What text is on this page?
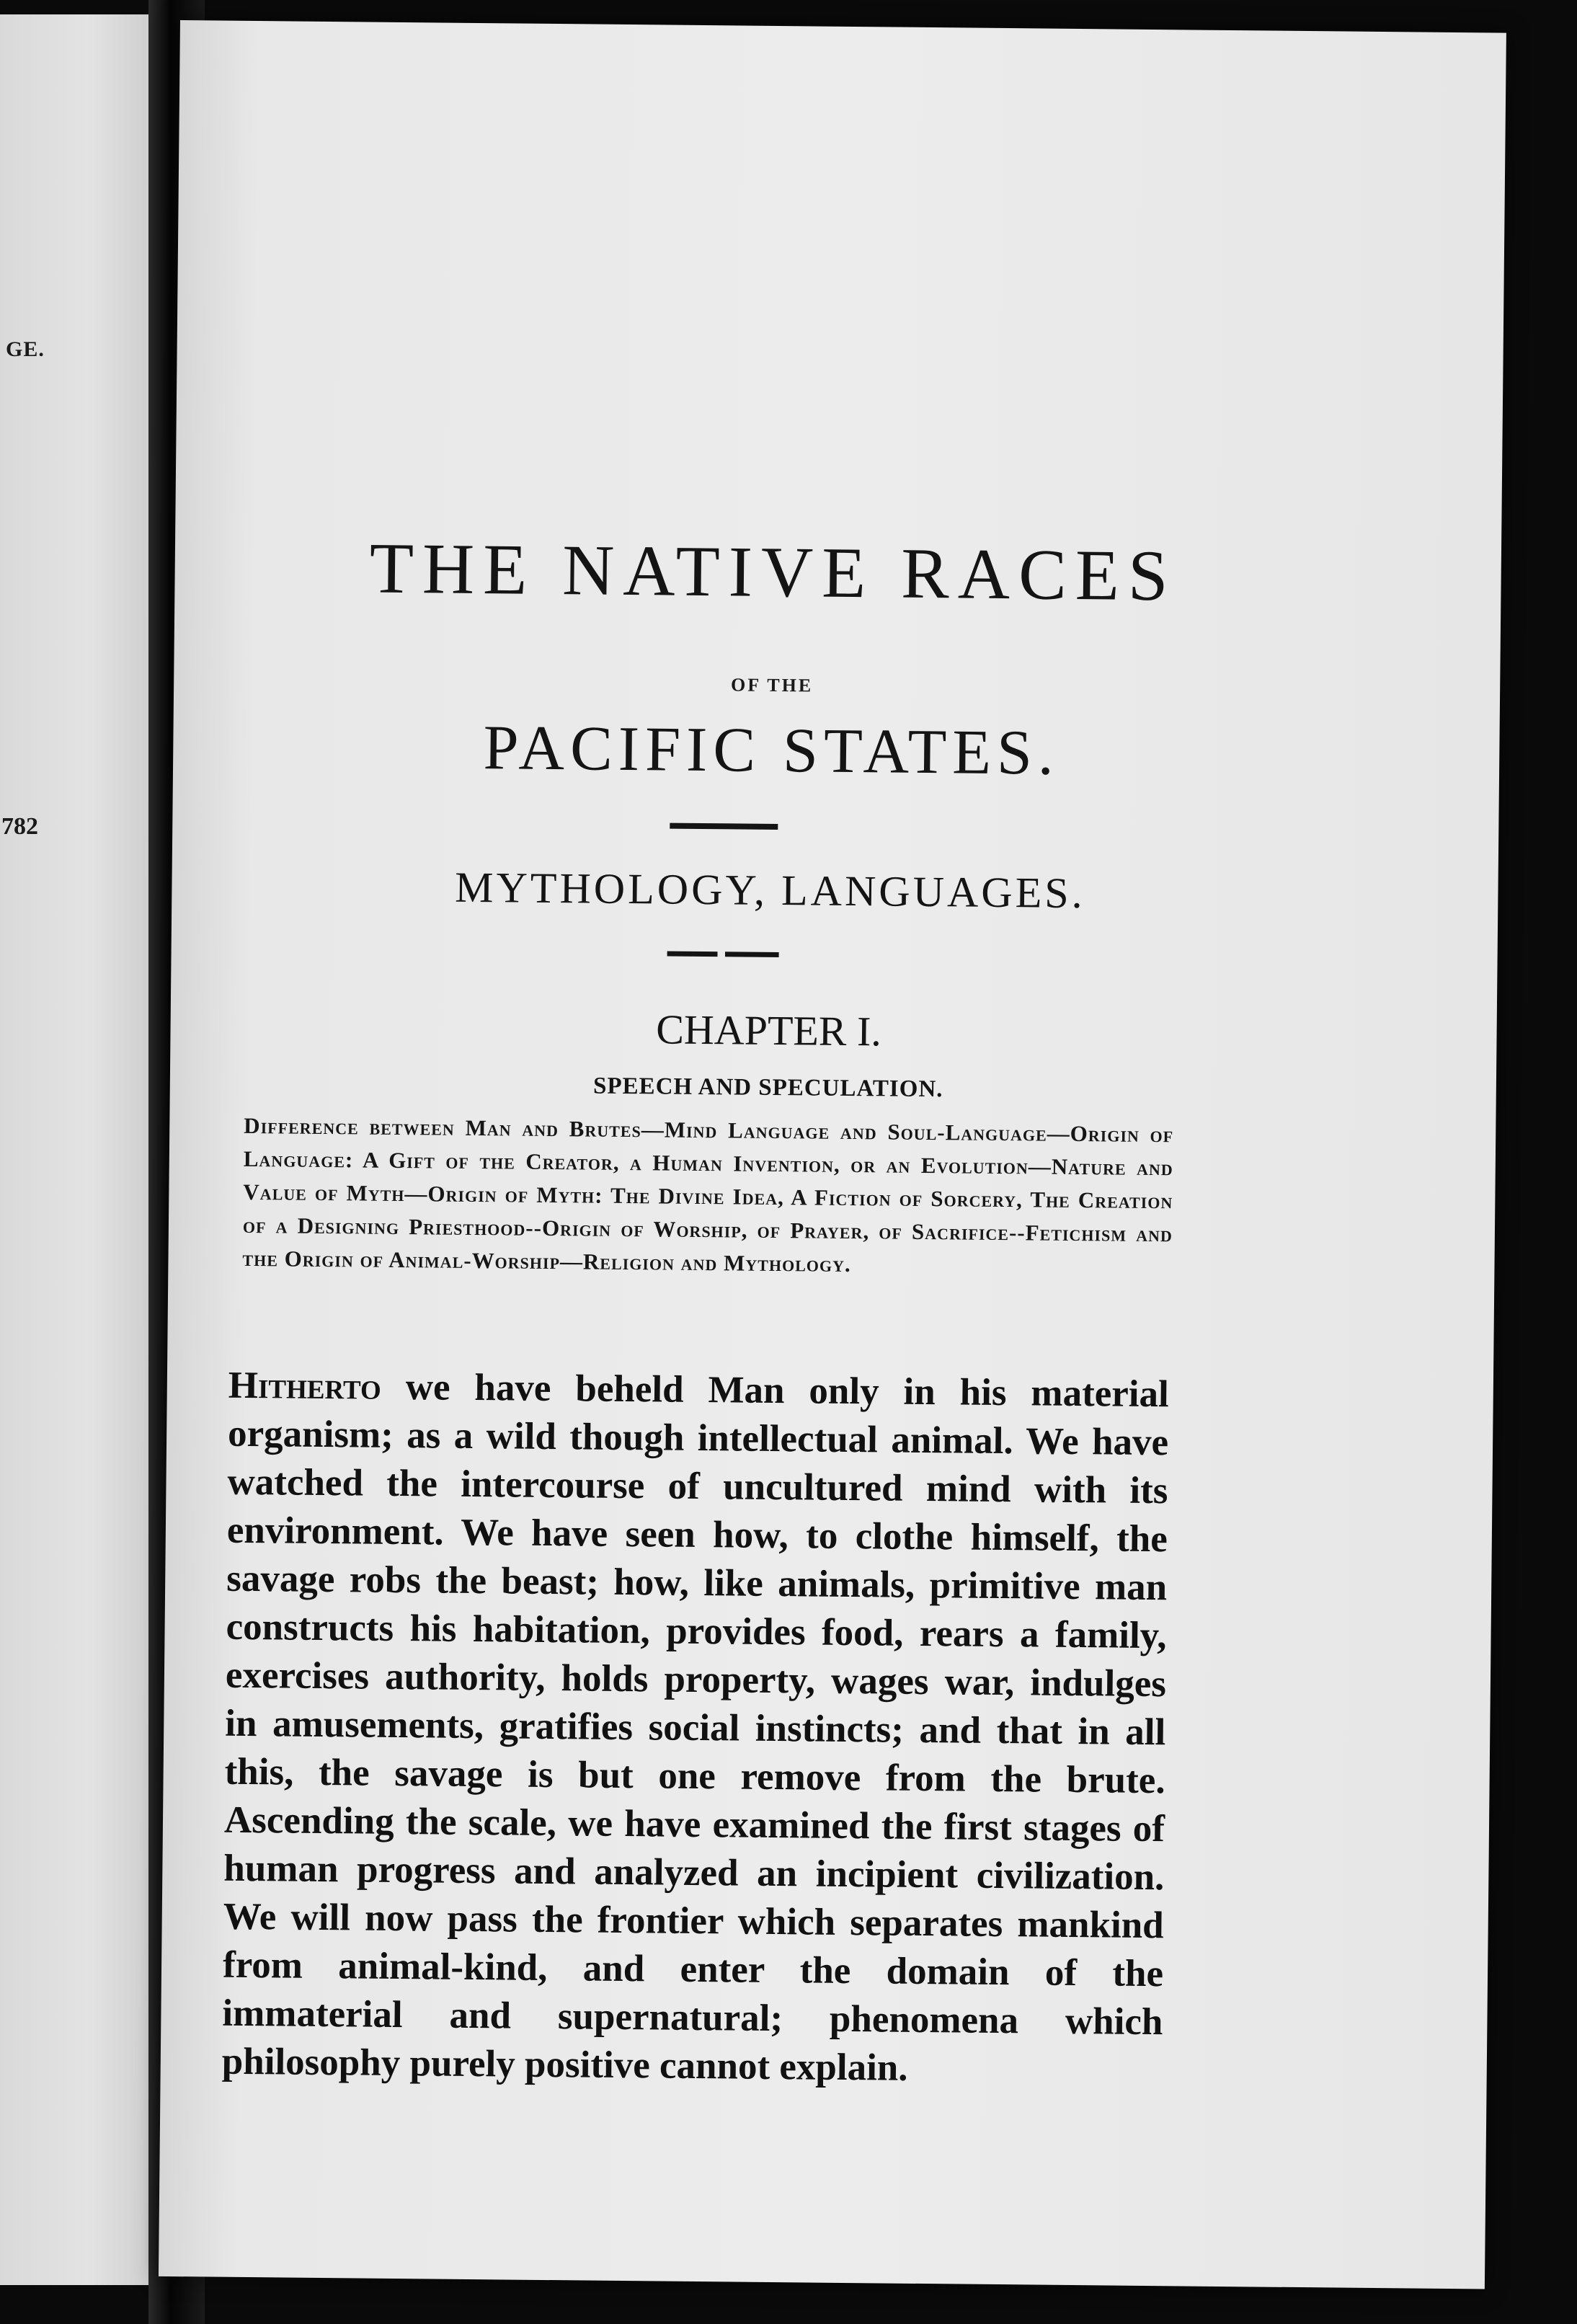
GE.
782
THE NATIVE RACES
OF THE
PACIFIC STATES.
MYTHOLOGY, LANGUAGES.
CHAPTER I.
SPEECH AND SPECULATION.
Difference between Man and Brutes—Mind Language and Soul-Language—Origin of Language: A Gift of the Creator, a Human Invention, or an Evolution—Nature and Value of Myth—Origin of Myth: The Divine Idea, A Fiction of Sorcery, The Creation of a Designing Priesthood--Origin of Worship, of Prayer, of Sacrifice--Fetichism and the Origin of Animal-Worship—Religion and Mythology.
Hitherto we have beheld Man only in his material organism; as a wild though intellectual animal. We have watched the intercourse of uncultured mind with its environment. We have seen how, to clothe himself, the savage robs the beast; how, like animals, primitive man constructs his habitation, provides food, rears a family, exercises authority, holds property, wages war, indulges in amusements, gratifies social instincts; and that in all this, the savage is but one remove from the brute. Ascending the scale, we have examined the first stages of human progress and analyzed an incipient civilization. We will now pass the frontier which separates mankind from animal-kind, and enter the domain of the immaterial and supernatural; phenomena which philosophy purely positive cannot explain.
